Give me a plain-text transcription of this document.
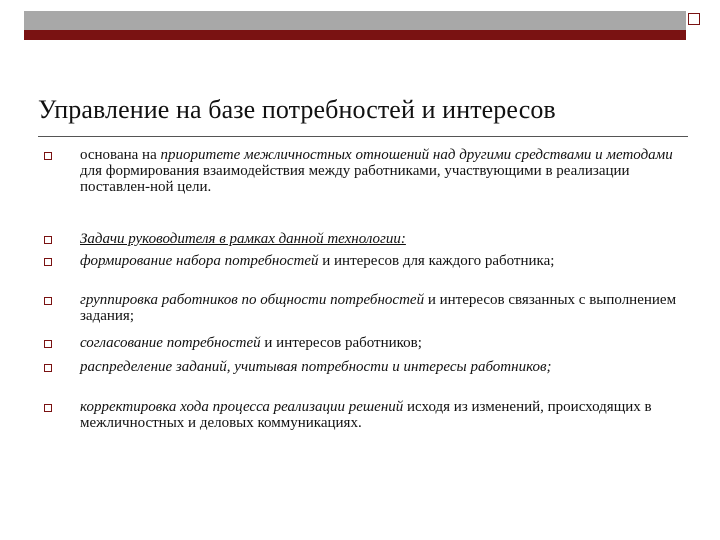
Управление на базе потребностей и интересов

основана на приоритете межличностных отношений над другими средствами и методами для формирования взаимодействия между работниками, участвующими в реализации поставлен-ной цели.

Задачи руководителя в рамках данной технологии:

формирование набора потребностей и интересов для каждого работника;

группировка работников по общности потребностей и интересов связанных с выполнением задания;

согласование потребностей и интересов работников;

распределение заданий, учитывая потребности и интересы работников;

корректировка хода процесса реализации решений исходя из изменений, происходящих в межличностных и деловых коммуникациях.
